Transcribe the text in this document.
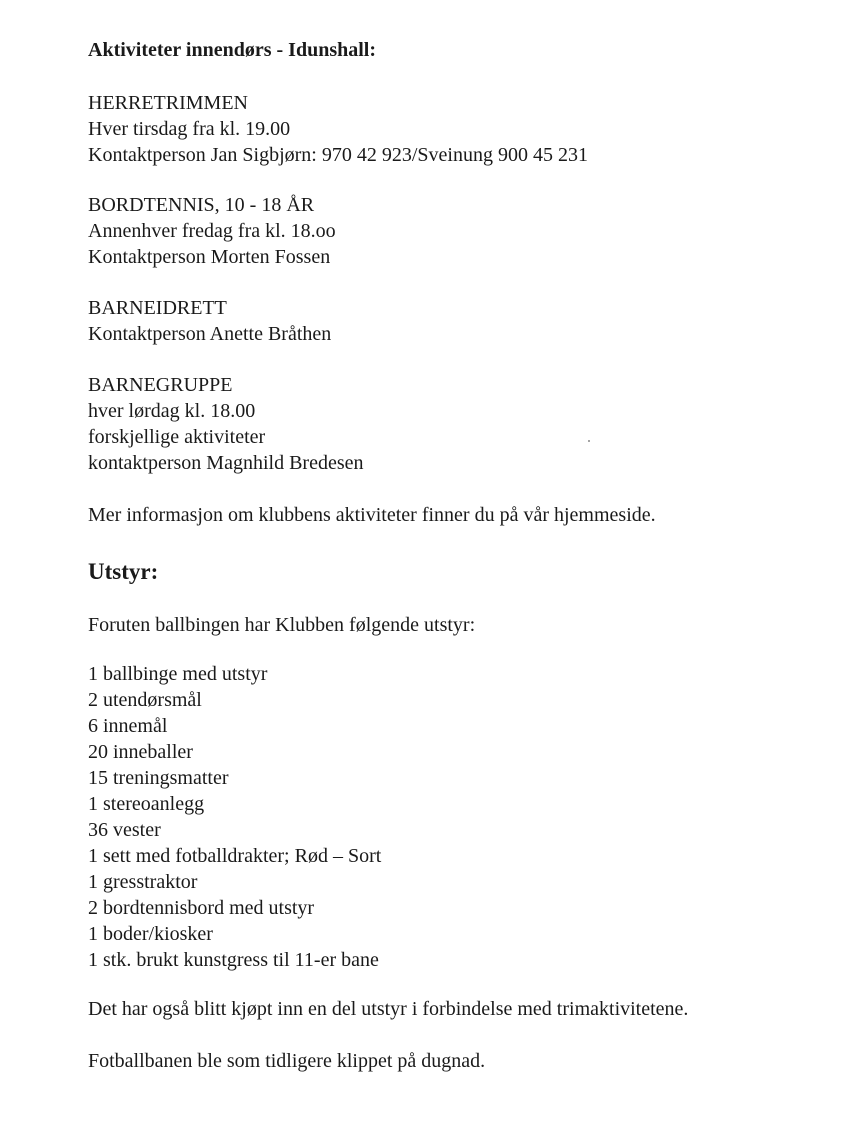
Aktiviteter innendørs - Idunshall:
HERRETRIMMEN
Hver tirsdag fra kl. 19.00
Kontaktperson Jan Sigbjørn: 970 42 923/Sveinung 900 45 231
BORDTENNIS, 10 - 18 ÅR
Annenhver fredag fra kl. 18.oo
Kontaktperson Morten Fossen
BARNEIDRETT
Kontaktperson Anette Bråthen
BARNEGRUPPE
hver lørdag kl. 18.00
forskjellige aktiviteter
kontaktperson Magnhild Bredesen

Mer informasjon om klubbens aktiviteter finner du på vår hjemmeside.

Utstyr:

Foruten ballbingen har Klubben følgende utstyr:

1 ballbinge med utstyr
2 utendørsmål
6 innemål
20 inneballer
15 treningsmatter
1 stereoanlegg
36 vester
1 sett med fotballdrakter; Rød – Sort
1 gresstraktor
2 bordtennisbord med utstyr
1 boder/kiosker
1 stk. brukt kunstgress til 11-er bane

Det har også blitt kjøpt inn en del utstyr i forbindelse med trimaktivitetene.

Fotballbanen ble som tidligere klippet på dugnad.
